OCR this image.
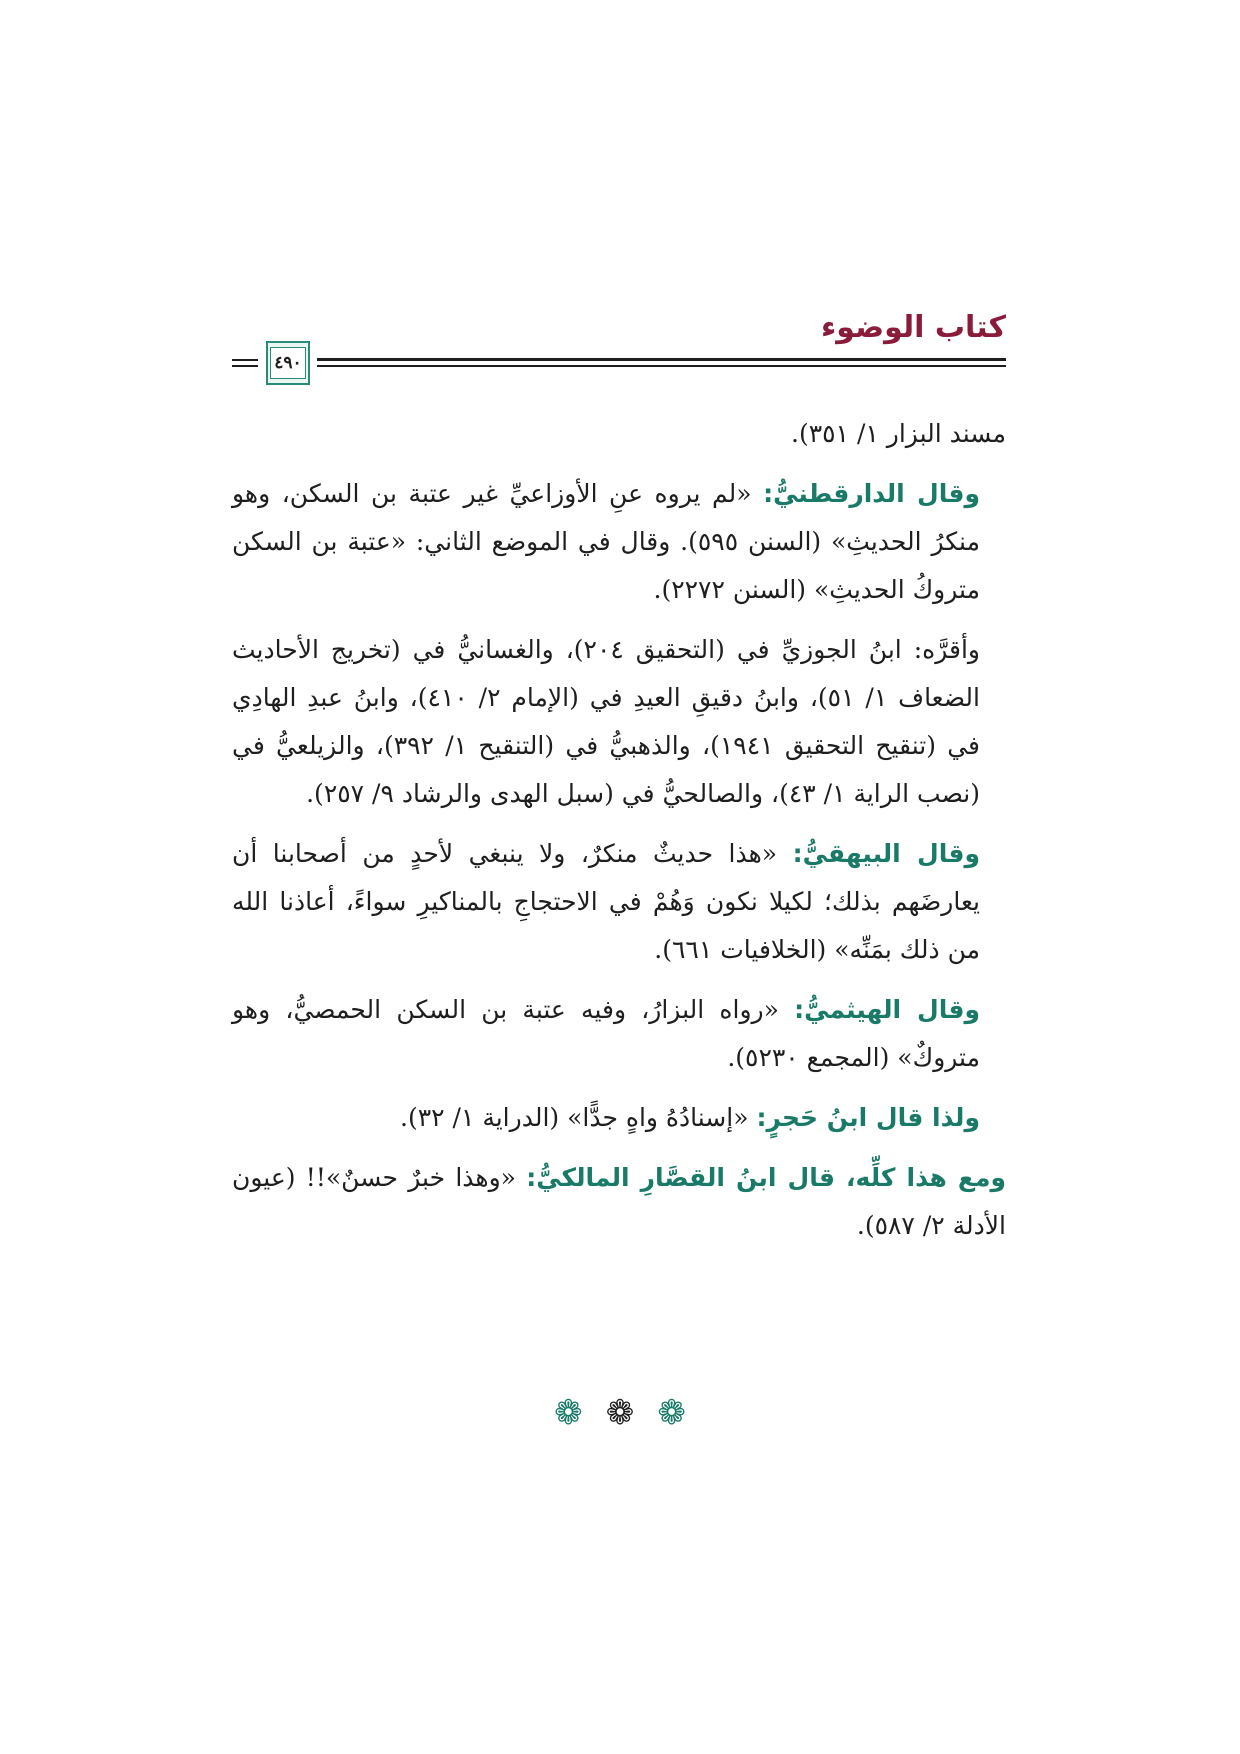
كتاب الوضوء
٤٩٠

مسند البزار ١/ ٣٥١).

وقال الدارقطنيُّ: «لم يروه عنِ الأوزاعيِّ غير عتبة بن السكن، وهو منكرُ الحديثِ» (السنن ٥٩٥). وقال في الموضع الثاني: «عتبة بن السكن متروكُ الحديثِ» (السنن ٢٢٧٢).

وأقرَّه: ابنُ الجوزيِّ في (التحقيق ٢٠٤)، والغسانيُّ في (تخريج الأحاديث الضعاف ١/ ٥١)، وابنُ دقيقِ العيدِ في (الإمام ٢/ ٤١٠)، وابنُ عبدِ الهادِي في (تنقيح التحقيق ١٩٤١)، والذهبيُّ في (التنقيح ١/ ٣٩٢)، والزيلعيُّ في (نصب الراية ١/ ٤٣)، والصالحيُّ في (سبل الهدى والرشاد ٩/ ٢٥٧).

وقال البيهقيُّ: «هذا حديثٌ منكرٌ، ولا ينبغي لأحدٍ من أصحابنا أن يعارضَهم بذلك؛ لكيلا نكون وَهُمْ في الاحتجاجِ بالمناكيرِ سواءً، أعاذنا الله من ذلك بمَنِّه» (الخلافيات ٦٦١).

وقال الهيثميُّ: «رواه البزارُ، وفيه عتبة بن السكن الحمصيُّ، وهو متروكٌ» (المجمع ٥٢٣٠).

ولذا قال ابنُ حَجرٍ: «إسنادُهُ واهٍ جدًّا» (الدراية ١/ ٣٢).

ومع هذا كلِّه، قال ابنُ القصَّارِ المالكيُّ: «وهذا خبرٌ حسنٌ»!! (عيون الأدلة ٢/ ٥٨٧).

❁ ❁ ❁
